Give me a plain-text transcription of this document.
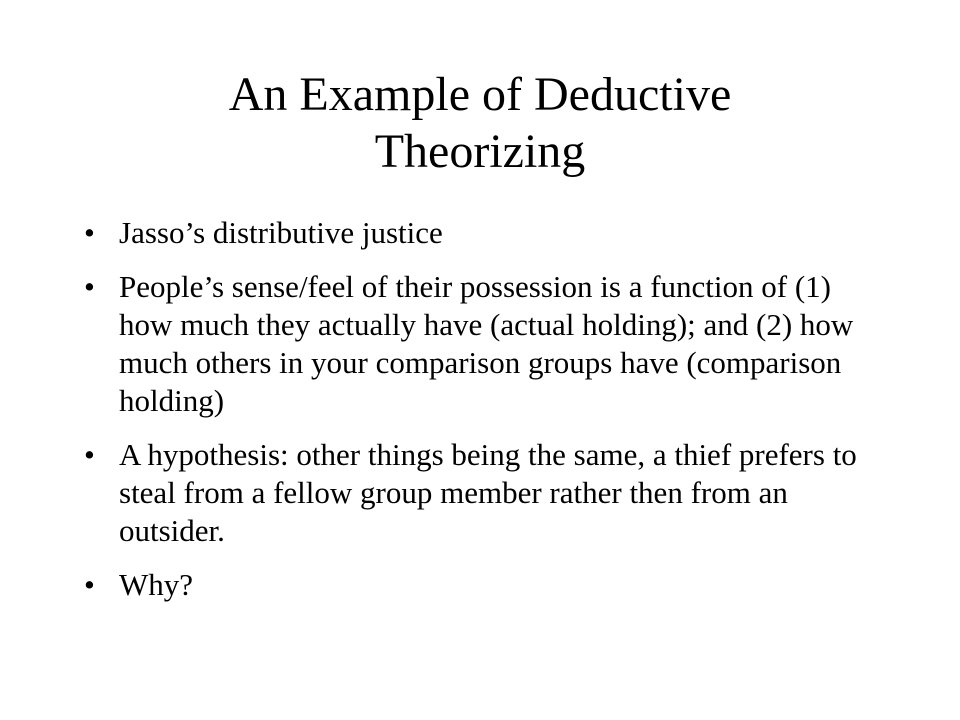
An Example of Deductive Theorizing
• Jasso’s distributive justice
• People’s sense/feel of their possession is a function of (1) how much they actually have (actual holding); and (2) how much others in your comparison groups have (comparison holding)
• A hypothesis: other things being the same, a thief prefers to steal from a fellow group member rather then from an outsider.
• Why?
